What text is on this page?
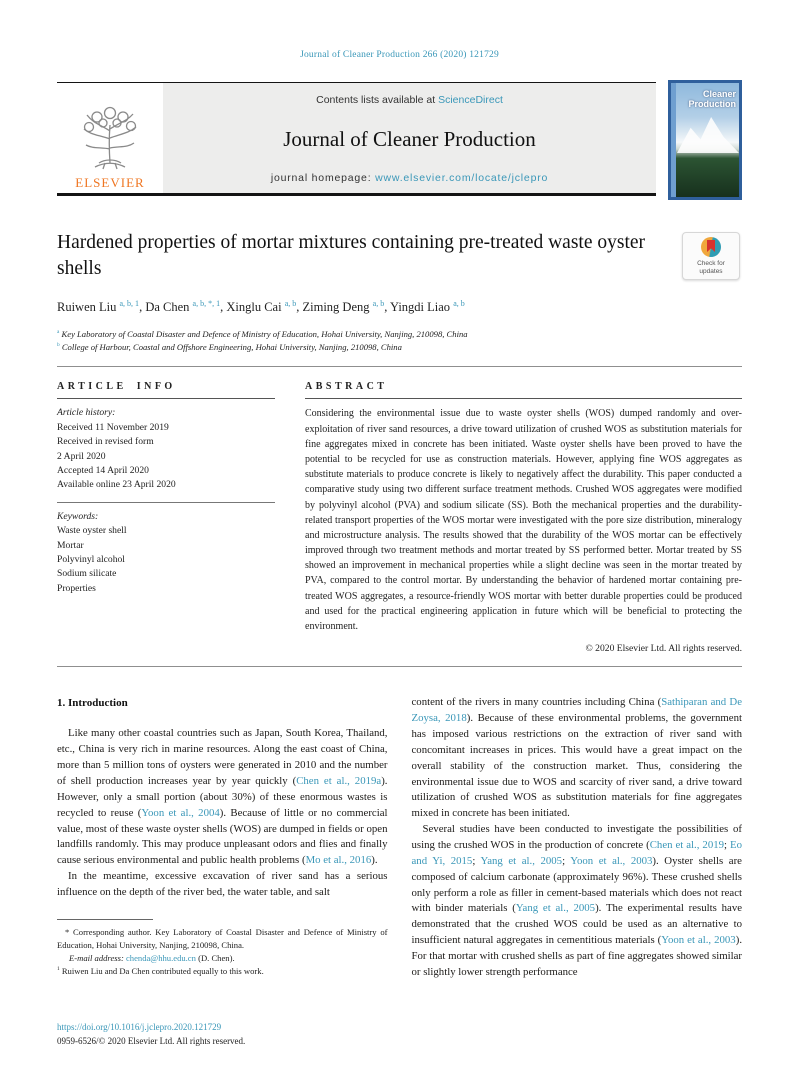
Journal of Cleaner Production 266 (2020) 121729
ELSEVIER
Contents lists available at ScienceDirect
Journal of Cleaner Production
journal homepage: www.elsevier.com/locate/jclepro
Cleaner
Production
Hardened properties of mortar mixtures containing pre-treated waste oyster shells	Check for
updates
Ruiwen Liu $^{a, b, 1}$, Da Chen $^{a, b, *, 1}$, Xinglu Cai $^{a, b}$, Ziming Deng $^{a, b}$, Yingdi Liao $^{a, b}$
$^a$ Key Laboratory of Coastal Disaster and Defence of Ministry of Education, Hohai University, Nanjing, 210098, China
$^b$ College of Harbour, Coastal and Offshore Engineering, Hohai University, Nanjing, 210098, China
ARTICLE INFO
Article history:
Received 11 November 2019
Received in revised form
2 April 2020
Accepted 14 April 2020
Available online 23 April 2020
Keywords:
Waste oyster shell
Mortar
Polyvinyl alcohol
Sodium silicate
Properties
ABSTRACT
Considering the environmental issue due to waste oyster shells (WOS) dumped randomly and over-exploitation of river sand resources, a drive toward utilization of crushed WOS as substitution materials for fine aggregates mixed in concrete has been initiated. Waste oyster shells have been proved to have the potential to be recycled for use as construction materials. However, applying fine WOS aggregates as substitute materials to produce concrete is likely to negatively affect the durability. This paper conducted a comparative study using two different surface treatment methods. Crushed WOS aggregates were modified by polyvinyl alcohol (PVA) and sodium silicate (SS). Both the mechanical properties and the durability-related transport properties of the WOS mortar were investigated with the pore size distribution, mineralogy and microstructure analysis. The results showed that the durability of the WOS mortar can be effectively improved through two treatment methods and mortar treated by SS performed better. Mortar treated by SS showed an improvement in mechanical properties while a slight decline was seen in the mortar treated by PVA, compared to the control mortar. By understanding the behavior of hardened mortar containing pre-treated WOS aggregates, a resource-friendly WOS mortar with better durable properties could be produced and used for the practical engineering application in future which will be beneficial to protecting the environment.
© 2020 Elsevier Ltd. All rights reserved.
1. Introduction

Like many other coastal countries such as Japan, South Korea, Thailand, etc., China is very rich in marine resources. Along the east coast of China, more than 5 million tons of oysters were generated in 2010 and the number of shell production increases year by year quickly (Chen et al., 2019a). However, only a small portion (about 30%) of these enormous wastes is recycled to reuse (Yoon et al., 2004). Because of little or no commercial value, most of these waste oyster shells (WOS) are dumped in fields or open landfills randomly. This may produce unpleasant odors and flies and finally cause serious environmental and public health problems (Mo et al., 2016).

In the meantime, excessive excavation of river sand has a serious influence on the depth of the river bed, the water table, and salt

* Corresponding author. Key Laboratory of Coastal Disaster and Defence of Ministry of Education, Hohai University, Nanjing, 210098, China.
E-mail address: chenda@hhu.edu.cn (D. Chen).
$^1$ Ruiwen Liu and Da Chen contributed equally to this work.

content of the rivers in many countries including China (Sathiparan and De Zoysa, 2018). Because of these environmental problems, the government has imposed various restrictions on the extraction of river sand with concomitant increases in prices. This would have a great impact on the overall stability of the construction market. Thus, considering the environmental issue due to WOS and scarcity of river sand, a drive toward utilization of crushed WOS as substitution materials for fine aggregates mixed in concrete has been initiated.

Several studies have been conducted to investigate the possibilities of using the crushed WOS in the production of concrete (Chen et al., 2019; Eo and Yi, 2015; Yang et al., 2005; Yoon et al., 2003). Oyster shells are composed of calcium carbonate (approximately 96%). These crushed shells only perform a role as filler in cement-based materials which does not react with binder materials (Yang et al., 2005). The experimental results have demonstrated that the crushed WOS could be used as an alternative to insufficient natural aggregates in cementitious materials (Yoon et al., 2003). For that mortar with crushed shells as part of fine aggregates showed similar or slightly lower strength performance

https://doi.org/10.1016/j.jclepro.2020.121729
0959-6526/© 2020 Elsevier Ltd. All rights reserved.
